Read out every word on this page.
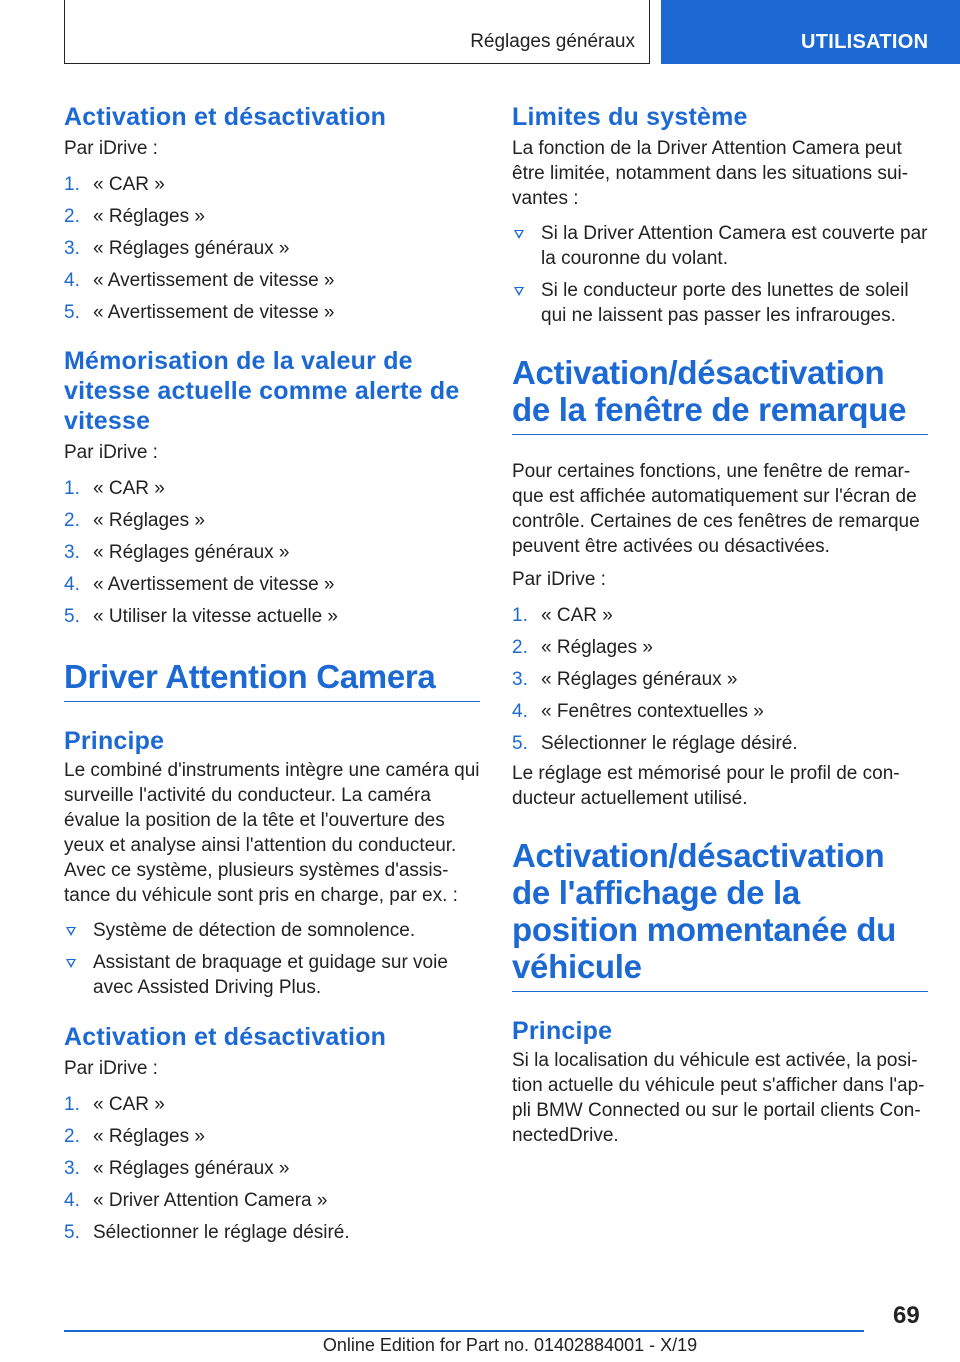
Réglages généraux	UTILISATION
Activation et désactivation

Par iDrive :

1. « CAR »
2. « Réglages »
3. « Réglages généraux »
4. « Avertissement de vitesse »
5. « Avertissement de vitesse »
Mémorisation de la valeur de vitesse actuelle comme alerte de vitesse

Par iDrive :

1. « CAR »
2. « Réglages »
3. « Réglages généraux »
4. « Avertissement de vitesse »
5. « Utiliser la vitesse actuelle »
Driver Attention Camera
Principe

Le combiné d'instruments intègre une caméra qui surveille l'activité du conducteur. La caméra évalue la position de la tête et l'ouverture des yeux et analyse ainsi l'attention du conducteur. Avec ce système, plusieurs systèmes d'assistance du véhicule sont pris en charge, par ex. :

Système de détection de somnolence.
Assistant de braquage et guidage sur voie avec Assisted Driving Plus.
Activation et désactivation

Par iDrive :

1. « CAR »
2. « Réglages »
3. « Réglages généraux »
4. « Driver Attention Camera »
5. Sélectionner le réglage désiré.
Limites du système

La fonction de la Driver Attention Camera peut être limitée, notamment dans les situations suivantes :

Si la Driver Attention Camera est couverte par la couronne du volant.
Si le conducteur porte des lunettes de soleil qui ne laissent pas passer les infrarouges.
Activation/désactivation de la fenêtre de remarque

Pour certaines fonctions, une fenêtre de remarque est affichée automatiquement sur l'écran de contrôle. Certaines de ces fenêtres de remarque peuvent être activées ou désactivées.

Par iDrive :

1. « CAR »
2. « Réglages »
3. « Réglages généraux »
4. « Fenêtres contextuelles »
5. Sélectionner le réglage désiré.

Le réglage est mémorisé pour le profil de conducteur actuellement utilisé.

Activation/désactivation de l'affichage de la position momentanée du véhicule
Principe

Si la localisation du véhicule est activée, la position actuelle du véhicule peut s'afficher dans l'appli BMW Connected ou sur le portail clients ConnectedDrive.

69
Online Edition for Part no. 01402884001 - X/19
